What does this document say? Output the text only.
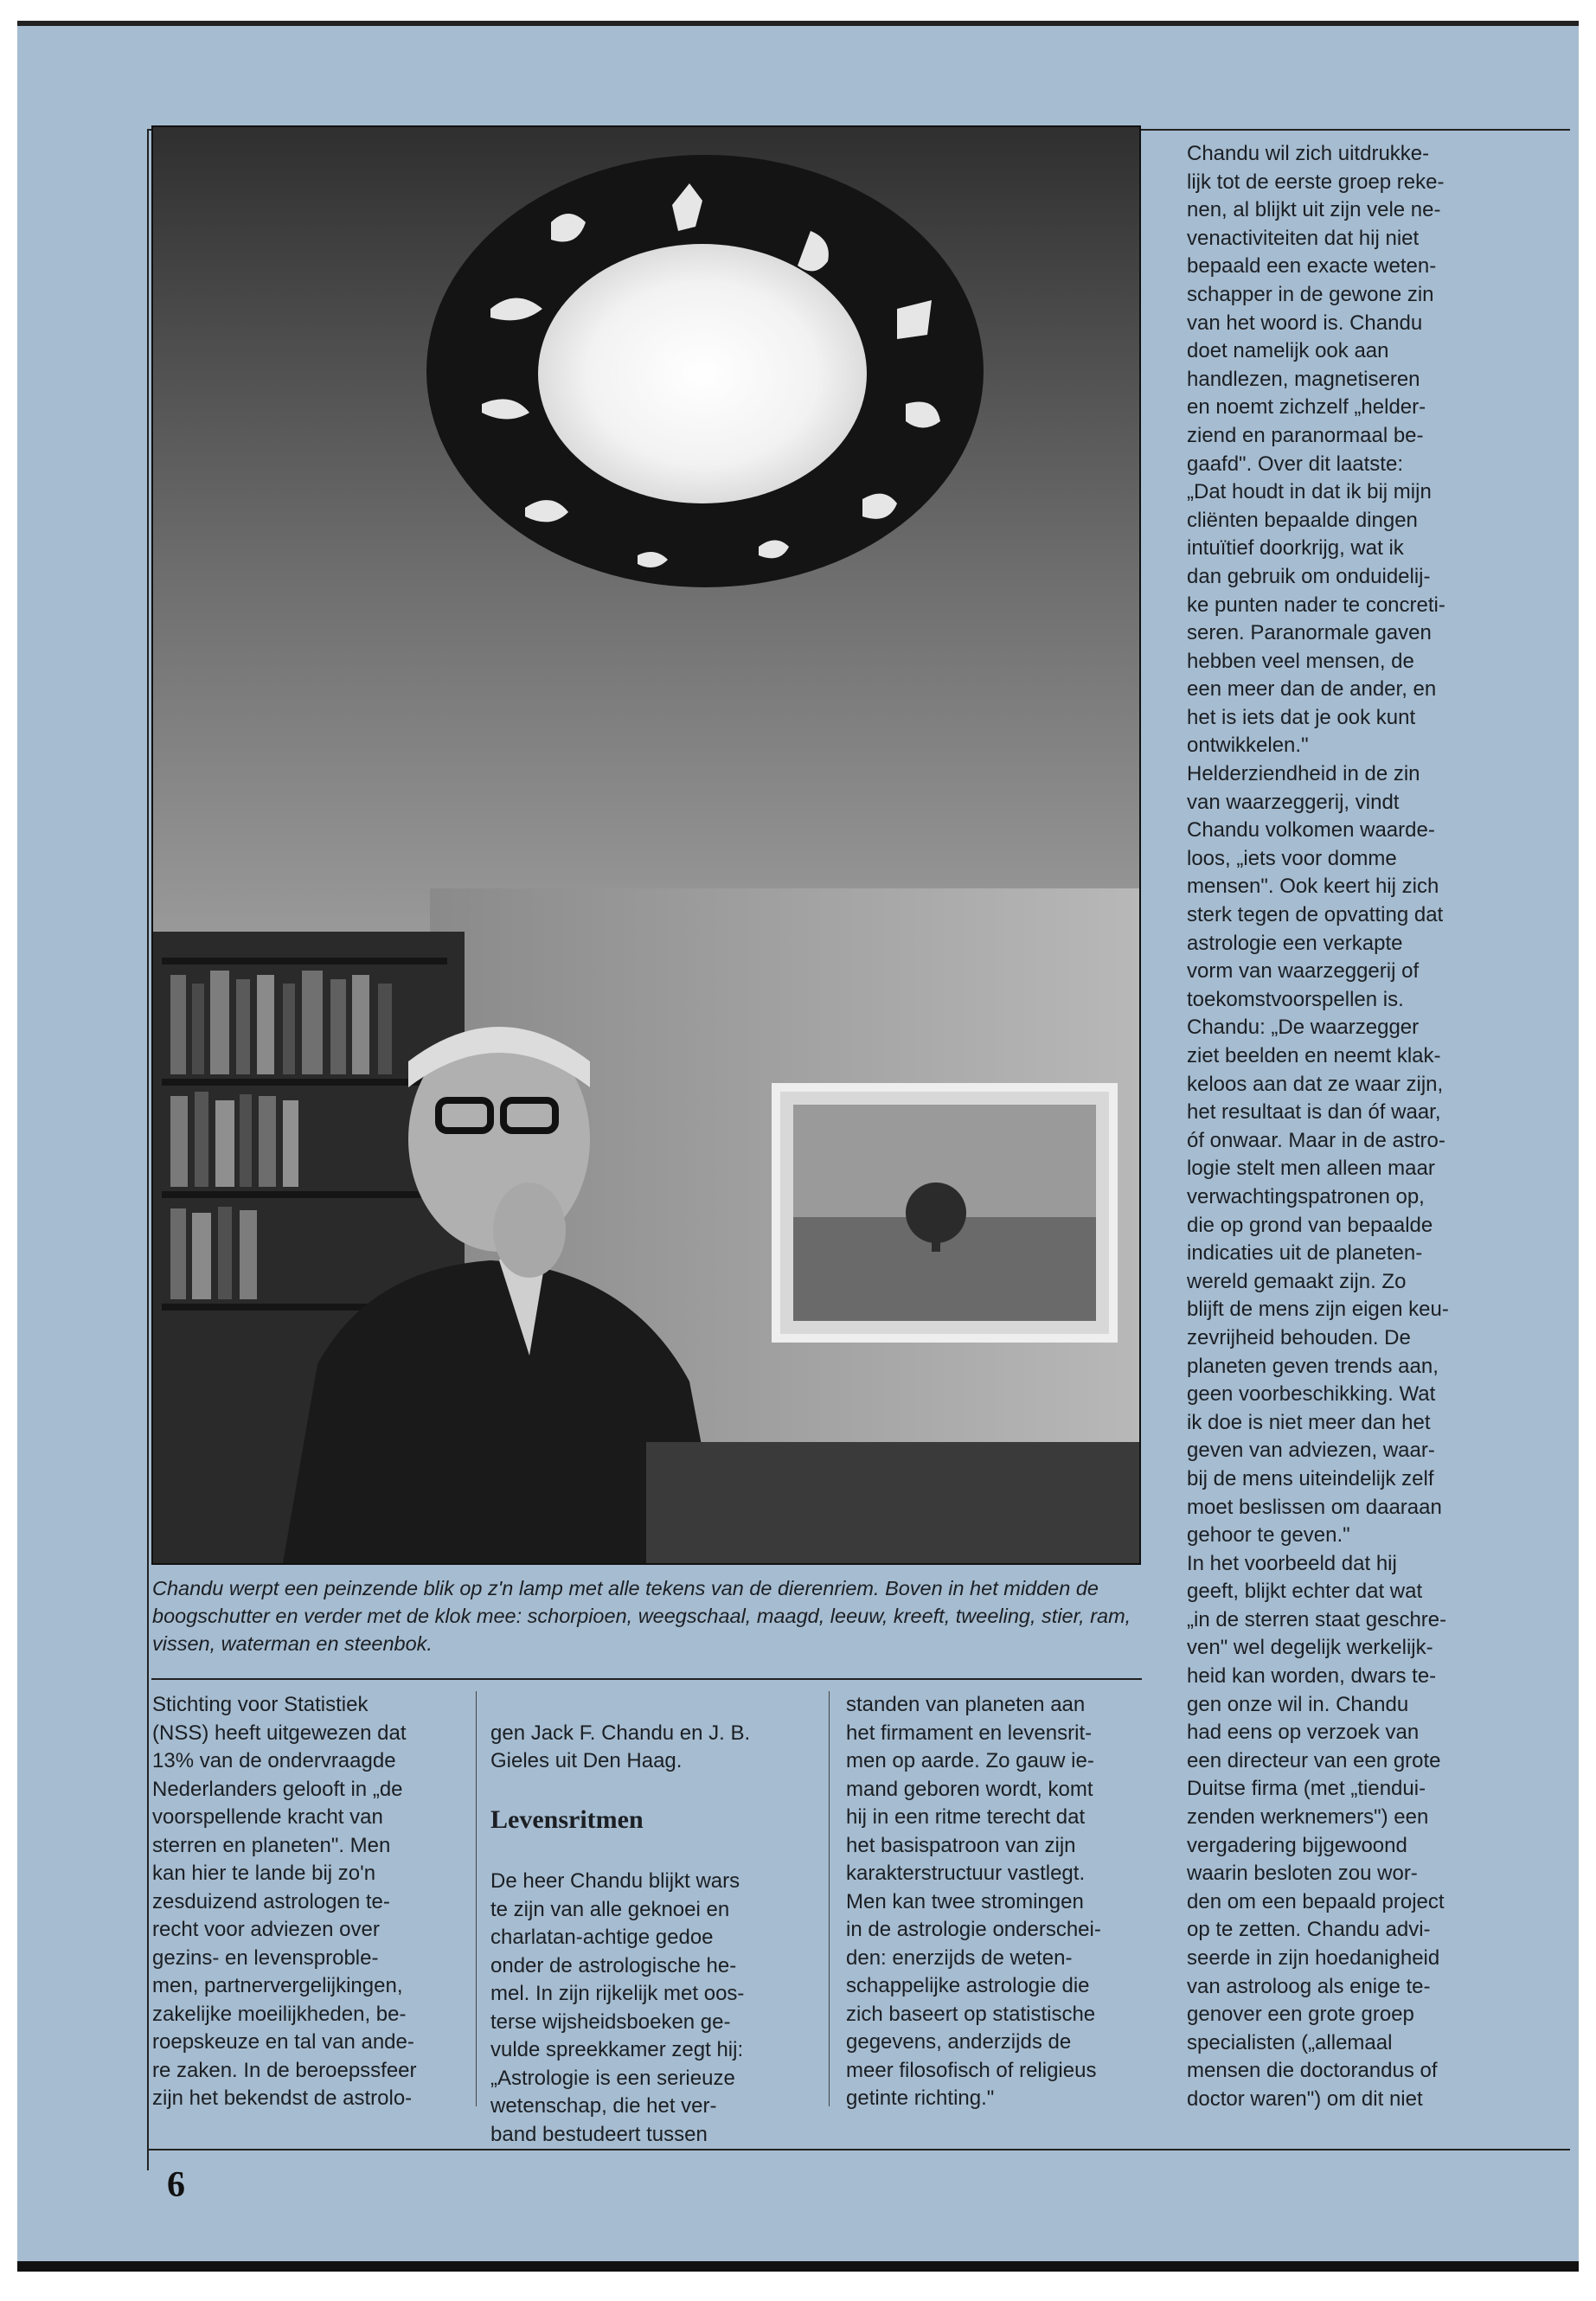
Chandu werpt een peinzende blik op z'n lamp met alle tekens van de dierenriem. Boven in het midden de boogschutter en verder met de klok mee: schorpioen, weegschaal, maagd, leeuw, kreeft, tweeling, stier, ram, vissen, waterman en steenbok.
Stichting voor Statistiek
(NSS) heeft uitgewezen dat
13% van de ondervraagde
Nederlanders gelooft in „de
voorspellende kracht van
sterren en planeten". Men
kan hier te lande bij zo'n
zesduizend astrologen te-
recht voor adviezen over
gezins- en levensproble-
men, partnervergelijkingen,
zakelijke moeilijkheden, be-
roepskeuze en tal van ande-
re zaken. In de beroepssfeer
zijn het bekendst de astrolo-

gen Jack F. Chandu en J. B.
Gieles uit Den Haag.

Levensritmen

De heer Chandu blijkt wars
te zijn van alle geknoei en
charlatan-achtige gedoe
onder de astrologische he-
mel. In zijn rijkelijk met oos-
terse wijsheidsboeken ge-
vulde spreekkamer zegt hij:
„Astrologie is een serieuze
wetenschap, die het ver-
band bestudeert tussen

standen van planeten aan
het firmament en levensrit-
men op aarde. Zo gauw ie-
mand geboren wordt, komt
hij in een ritme terecht dat
het basispatroon van zijn
karakterstructuur vastlegt.
Men kan twee stromingen
in de astrologie onderschei-
den: enerzijds de weten-
schappelijke astrologie die
zich baseert op statistische
gegevens, anderzijds de
meer filosofisch of religieus
getinte richting."
Chandu wil zich uitdrukke-
lijk tot de eerste groep reke-
nen, al blijkt uit zijn vele ne-
venactiviteiten dat hij niet
bepaald een exacte weten-
schapper in de gewone zin
van het woord is. Chandu
doet namelijk ook aan
handlezen, magnetiseren
en noemt zichzelf „helder-
ziend en paranormaal be-
gaafd". Over dit laatste:
„Dat houdt in dat ik bij mijn
cliënten bepaalde dingen
intuïtief doorkrijg, wat ik
dan gebruik om onduidelij-
ke punten nader te concreti-
seren. Paranormale gaven
hebben veel mensen, de
een meer dan de ander, en
het is iets dat je ook kunt
ontwikkelen."
Helderziendheid in de zin
van waarzeggerij, vindt
Chandu volkomen waarde-
loos, „iets voor domme
mensen". Ook keert hij zich
sterk tegen de opvatting dat
astrologie een verkapte
vorm van waarzeggerij of
toekomstvoorspellen is.
Chandu: „De waarzegger
ziet beelden en neemt klak-
keloos aan dat ze waar zijn,
het resultaat is dan óf waar,
óf onwaar. Maar in de astro-
logie stelt men alleen maar
verwachtingspatronen op,
die op grond van bepaalde
indicaties uit de planeten-
wereld gemaakt zijn. Zo
blijft de mens zijn eigen keu-
zevrijheid behouden. De
planeten geven trends aan,
geen voorbeschikking. Wat
ik doe is niet meer dan het
geven van adviezen, waar-
bij de mens uiteindelijk zelf
moet beslissen om daaraan
gehoor te geven."
In het voorbeeld dat hij
geeft, blijkt echter dat wat
„in de sterren staat geschre-
ven" wel degelijk werkelijk-
heid kan worden, dwars te-
gen onze wil in. Chandu
had eens op verzoek van
een directeur van een grote
Duitse firma (met „tiendui-
zenden werknemers") een
vergadering bijgewoond
waarin besloten zou wor-
den om een bepaald project
op te zetten. Chandu advi-
seerde in zijn hoedanigheid
van astroloog als enige te-
genover een grote groep
specialisten („allemaal
mensen die doctorandus of
doctor waren") om dit niet
6
